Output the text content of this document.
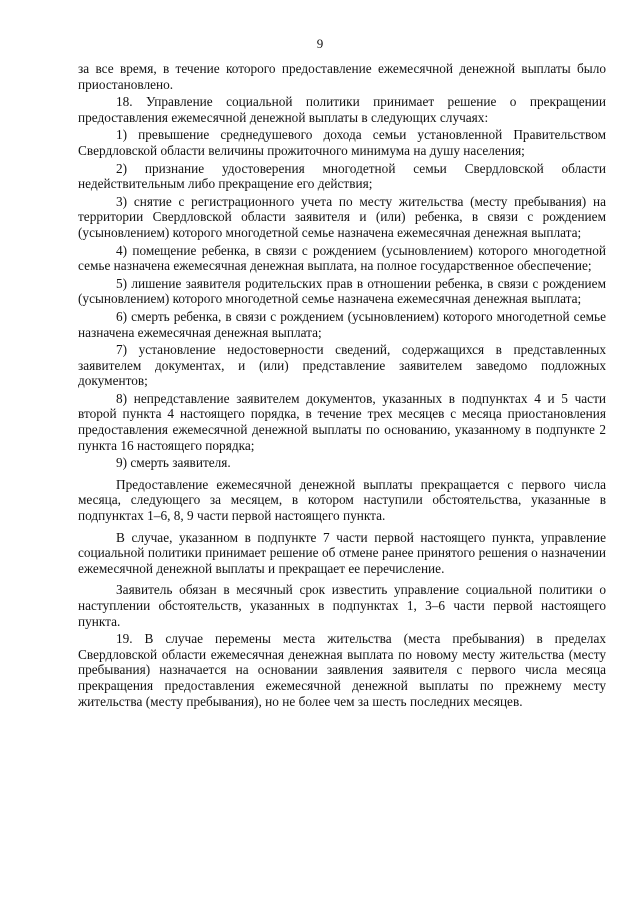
9

за все время, в течение которого предоставление ежемесячной денежной выплаты было приостановлено.

18. Управление социальной политики принимает решение о прекращении предоставления ежемесячной денежной выплаты в следующих случаях:

1) превышение среднедушевого дохода семьи установленной Правительством Свердловской области величины прожиточного минимума на душу населения;

2) признание удостоверения многодетной семьи Свердловской области недействительным либо прекращение его действия;

3) снятие с регистрационного учета по месту жительства (месту пребывания) на территории Свердловской области заявителя и (или) ребенка, в связи с рождением (усыновлением) которого многодетной семье назначена ежемесячная денежная выплата;

4) помещение ребенка, в связи с рождением (усыновлением) которого многодетной семье назначена ежемесячная денежная выплата, на полное государственное обеспечение;

5) лишение заявителя родительских прав в отношении ребенка, в связи с рождением (усыновлением) которого многодетной семье назначена ежемесячная денежная выплата;

6) смерть ребенка, в связи с рождением (усыновлением) которого многодетной семье назначена ежемесячная денежная выплата;

7) установление недостоверности сведений, содержащихся в представленных заявителем документах, и (или) представление заявителем заведомо подложных документов;

8) непредставление заявителем документов, указанных в подпунктах 4 и 5 части второй пункта 4 настоящего порядка, в течение трех месяцев с месяца приостановления предоставления ежемесячной денежной выплаты по основанию, указанному в подпункте 2 пункта 16 настоящего порядка;

9) смерть заявителя.

Предоставление ежемесячной денежной выплаты прекращается с первого числа месяца, следующего за месяцем, в котором наступили обстоятельства, указанные в подпунктах 1–6, 8, 9 части первой настоящего пункта.

В случае, указанном в подпункте 7 части первой настоящего пункта, управление социальной политики принимает решение об отмене ранее принятого решения о назначении ежемесячной денежной выплаты и прекращает ее перечисление.

Заявитель обязан в месячный срок известить управление социальной политики о наступлении обстоятельств, указанных в подпунктах 1, 3–6 части первой настоящего пункта.

19. В случае перемены места жительства (места пребывания) в пределах Свердловской области ежемесячная денежная выплата по новому месту жительства (месту пребывания) назначается на основании заявления заявителя с первого числа месяца прекращения предоставления ежемесячной денежной выплаты по прежнему месту жительства (месту пребывания), но не более чем за шесть последних месяцев.
